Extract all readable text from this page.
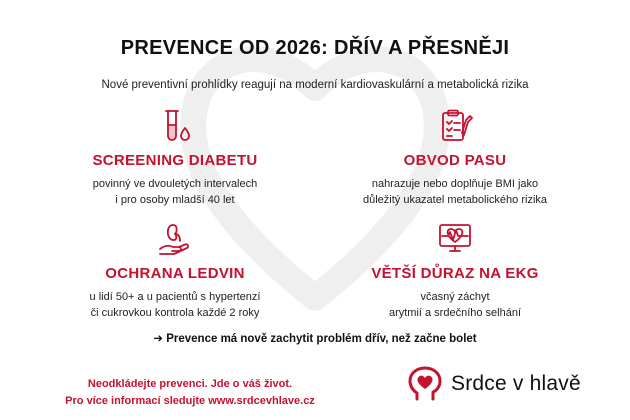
PREVENCE OD 2026: DŘÍV A PŘESNĚJI
Nové preventivní prohlídky reagují na moderní kardiovaskulární a metabolická rizika
SCREENING DIABETU
povinný ve dvouletých intervalech
i pro osoby mladší 40 let
OBVOD PASU
nahrazuje nebo doplňuje BMI jako
důležitý ukazatel metabolického rizika
OCHRANA LEDVIN
u lidí 50+ a u pacientů s hypertenzí
či cukrovkou kontrola každé 2 roky
VĚTŠÍ DŮRAZ NA EKG
včasný záchyt
arytmií a srdečního selhání
➜ Prevence má nově zachytit problém dřív, než začne bolet
Neodkládejte prevenci. Jde o váš život.
Pro více informací sledujte www.srdcevhlave.cz
Srdce v hlavě
